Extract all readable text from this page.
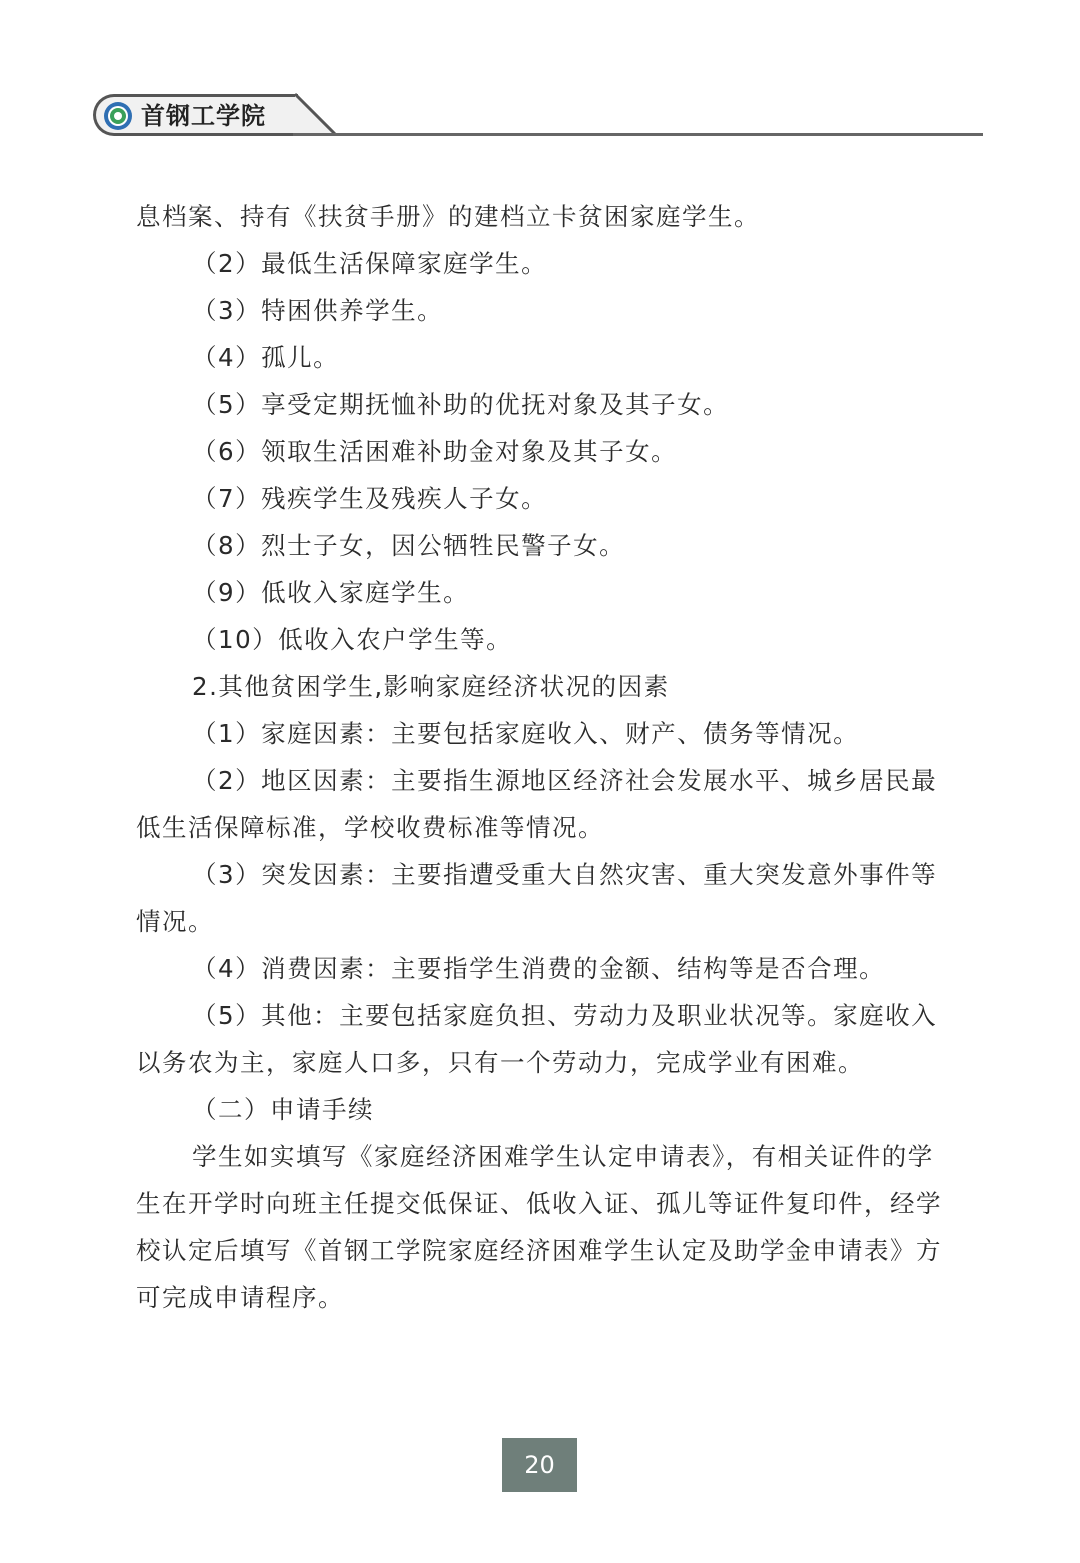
首钢工学院

息档案、持有《扶贫手册》的建档立卡贫困家庭学生。

（2）最低生活保障家庭学生。

（3）特困供养学生。

（4）孤儿。

（5）享受定期抚恤补助的优抚对象及其子女。

（6）领取生活困难补助金对象及其子女。

（7）残疾学生及残疾人子女。

（8）烈士子女，因公牺牲民警子女。

（9）低收入家庭学生。

（10）低收入农户学生等。

2.其他贫困学生,影响家庭经济状况的因素

（1）家庭因素：主要包括家庭收入、财产、债务等情况。

（2）地区因素：主要指生源地区经济社会发展水平、城乡居民最低生活保障标准，学校收费标准等情况。

（3）突发因素：主要指遭受重大自然灾害、重大突发意外事件等情况。

（4）消费因素：主要指学生消费的金额、结构等是否合理。

（5）其他：主要包括家庭负担、劳动力及职业状况等。家庭收入以务农为主，家庭人口多，只有一个劳动力，完成学业有困难。

（二）申请手续

学生如实填写《家庭经济困难学生认定申请表》，有相关证件的学生在开学时向班主任提交低保证、低收入证、孤儿等证件复印件，经学校认定后填写《首钢工学院家庭经济困难学生认定及助学金申请表》方可完成申请程序。

20
